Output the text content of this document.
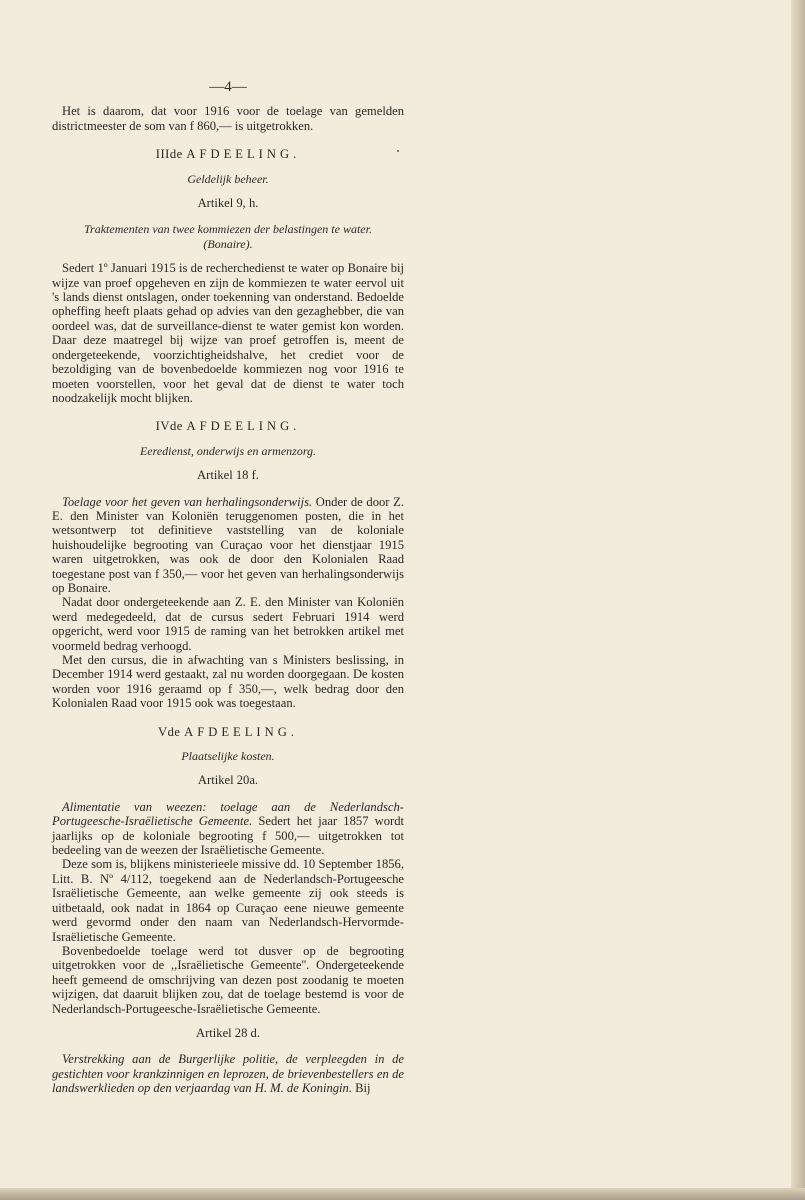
—4—

Het is daarom, dat voor 1916 voor de toelage van gemelden districtmeester de som van f 860,— is uitgetrokken.

IIIde AFDEELING.
Geldelijk beheer.
Artikel 9, h.
Traktementen van twee kommiezen der belastingen te water.
(Bonaire).

Sedert 1º Januari 1915 is de recherchedienst te water op Bonaire bij wijze van proef opgeheven en zijn de kommiezen te water eervol uit 's lands dienst ontslagen, onder toekenning van onderstand. Bedoelde opheffing heeft plaats gehad op advies van den gezaghebber, die van oordeel was, dat de surveillance-dienst te water gemist kon worden. Daar deze maatregel bij wijze van proef getroffen is, meent de ondergeteekende, voorzichtigheidshalve, het crediet voor de bezoldiging van de bovenbedoelde kommiezen nog voor 1916 te moeten voorstellen, voor het geval dat de dienst te water toch noodzakelijk mocht blijken.

IVde AFDEELING.
Eeredienst, onderwijs en armenzorg.
Artikel 18 f.

Toelage voor het geven van herhalingsonderwijs. Onder de door Z. E. den Minister van Koloniën teruggenomen posten, die in het wetsontwerp tot definitieve vaststelling van de koloniale huishoudelijke begrooting van Curaçao voor het dienstjaar 1915 waren uitgetrokken, was ook de door den Kolonialen Raad toegestane post van f 350,— voor het geven van herhalingsonderwijs op Bonaire.

Nadat door ondergeteekende aan Z. E. den Minister van Koloniën werd medegedeeld, dat de cursus sedert Februari 1914 werd opgericht, werd voor 1915 de raming van het betrokken artikel met voormeld bedrag verhoogd.

Met den cursus, die in afwachting van s Ministers beslissing, in December 1914 werd gestaakt, zal nu worden doorgegaan. De kosten worden voor 1916 geraamd op f 350,—, welk bedrag door den Kolonialen Raad voor 1915 ook was toegestaan.

Vde AFDEELING.
Plaatselijke kosten.
Artikel 20a.

Alimentatie van weezen: toelage aan de Nederlandsch-Portugeesche-Israëlietische Gemeente. Sedert het jaar 1857 wordt jaarlijks op de koloniale begrooting f 500,— uitgetrokken tot bedeeling van de weezen der Israëlietische Gemeente.

Deze som is, blijkens ministerieele missive dd. 10 September 1856, Litt. B. Nº 4/112, toegekend aan de Nederlandsch-Portugeesche Israëlietische Gemeente, aan welke gemeente zij ook steeds is uitbetaald, ook nadat in 1864 op Curaçao eene nieuwe gemeente werd gevormd onder den naam van Nederlandsch-Hervormde-Israëlietische Gemeente.

Bovenbedoelde toelage werd tot dusver op de begrooting uitgetrokken voor de ,,Israëlietische Gemeente''. Ondergeteekende heeft gemeend de omschrijving van dezen post zoodanig te moeten wijzigen, dat daaruit blijken zou, dat de toelage bestemd is voor de Nederlandsch-Portugeesche-Israëlietische Gemeente.

Artikel 28 d.

Verstrekking aan de Burgerlijke politie, de verpleegden in de gestichten voor krankzinnigen en leprozen, de brievenbestellers en de landswerklieden op den verjaardag van H. M. de Koningin. Bij
